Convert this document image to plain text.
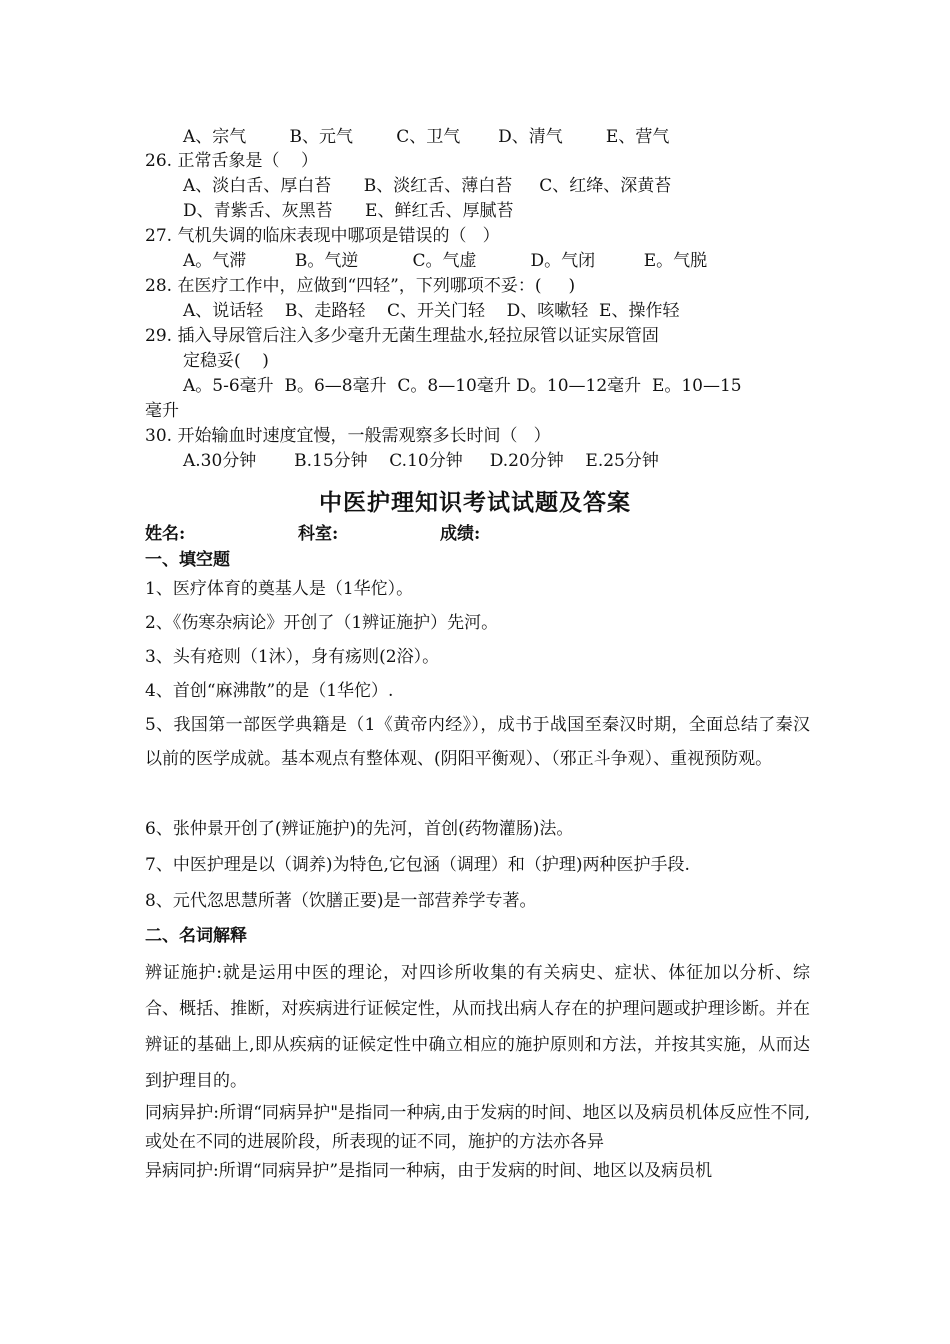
A、宗气        B、元气        C、卫气       D、清气        E、营气
26. 正常舌象是（    ）
A、淡白舌、厚白苔      B、淡红舌、薄白苔     C、红绛、深黄苔
D、青紫舌、灰黑苔      E、鲜红舌、厚腻苔
27. 气机失调的临床表现中哪项是错误的（   ）
A。气滞         B。气逆          C。气虚          D。气闭         E。气脱
28. 在医疗工作中，应做到“四轻”，下列哪项不妥：(     )
A、说话轻    B、走路轻    C、开关门轻    D、咳嗽轻  E、操作轻
29. 插入导尿管后注入多少毫升无菌生理盐水,轻拉尿管以证实尿管固
定稳妥(    )
A。5-6毫升  B。6—8毫升  C。8—10毫升 D。10—12毫升  E。10—15
毫升
30. 开始输血时速度宜慢，一般需观察多长时间（   ）
A.30分钟       B.15分钟    C.10分钟     D.20分钟    E.25分钟
中医护理知识考试试题及答案
姓名:	科室:	成绩:
一、填空题
1、医疗体育的奠基人是（1华佗）。
2、《伤寒杂病论》开创了（1辨证施护）先河。
3、头有疮则（1沐），身有疡则(2浴）。
4、首创“麻沸散”的是（1华佗）.
5、我国第一部医学典籍是（1《黄帝内经》），成书于战国至秦汉时期，全面总结了秦汉以前的医学成就。基本观点有整体观、(阴阳平衡观）、（邪正斗争观）、重视预防观。
6、张仲景开创了(辨证施护)的先河，首创(药物灌肠)法。
7、中医护理是以（调养)为特色,它包涵（调理）和（护理)两种医护手段.
8、元代忽思慧所著（饮膳正要)是一部营养学专著。
二、名词解释
辨证施护:就是运用中医的理论，对四诊所收集的有关病史、症状、体征加以分析、综合、概括、推断，对疾病进行证候定性，从而找出病人存在的护理问题或护理诊断。并在辨证的基础上,即从疾病的证候定性中确立相应的施护原则和方法，并按其实施，从而达到护理目的。
同病异护:所谓“同病异护"是指同一种病,由于发病的时间、地区以及病员机体反应性不同,或处在不同的进展阶段，所表现的证不同，施护的方法亦各异
异病同护:所谓“同病异护”是指同一种病，由于发病的时间、地区以及病员机
